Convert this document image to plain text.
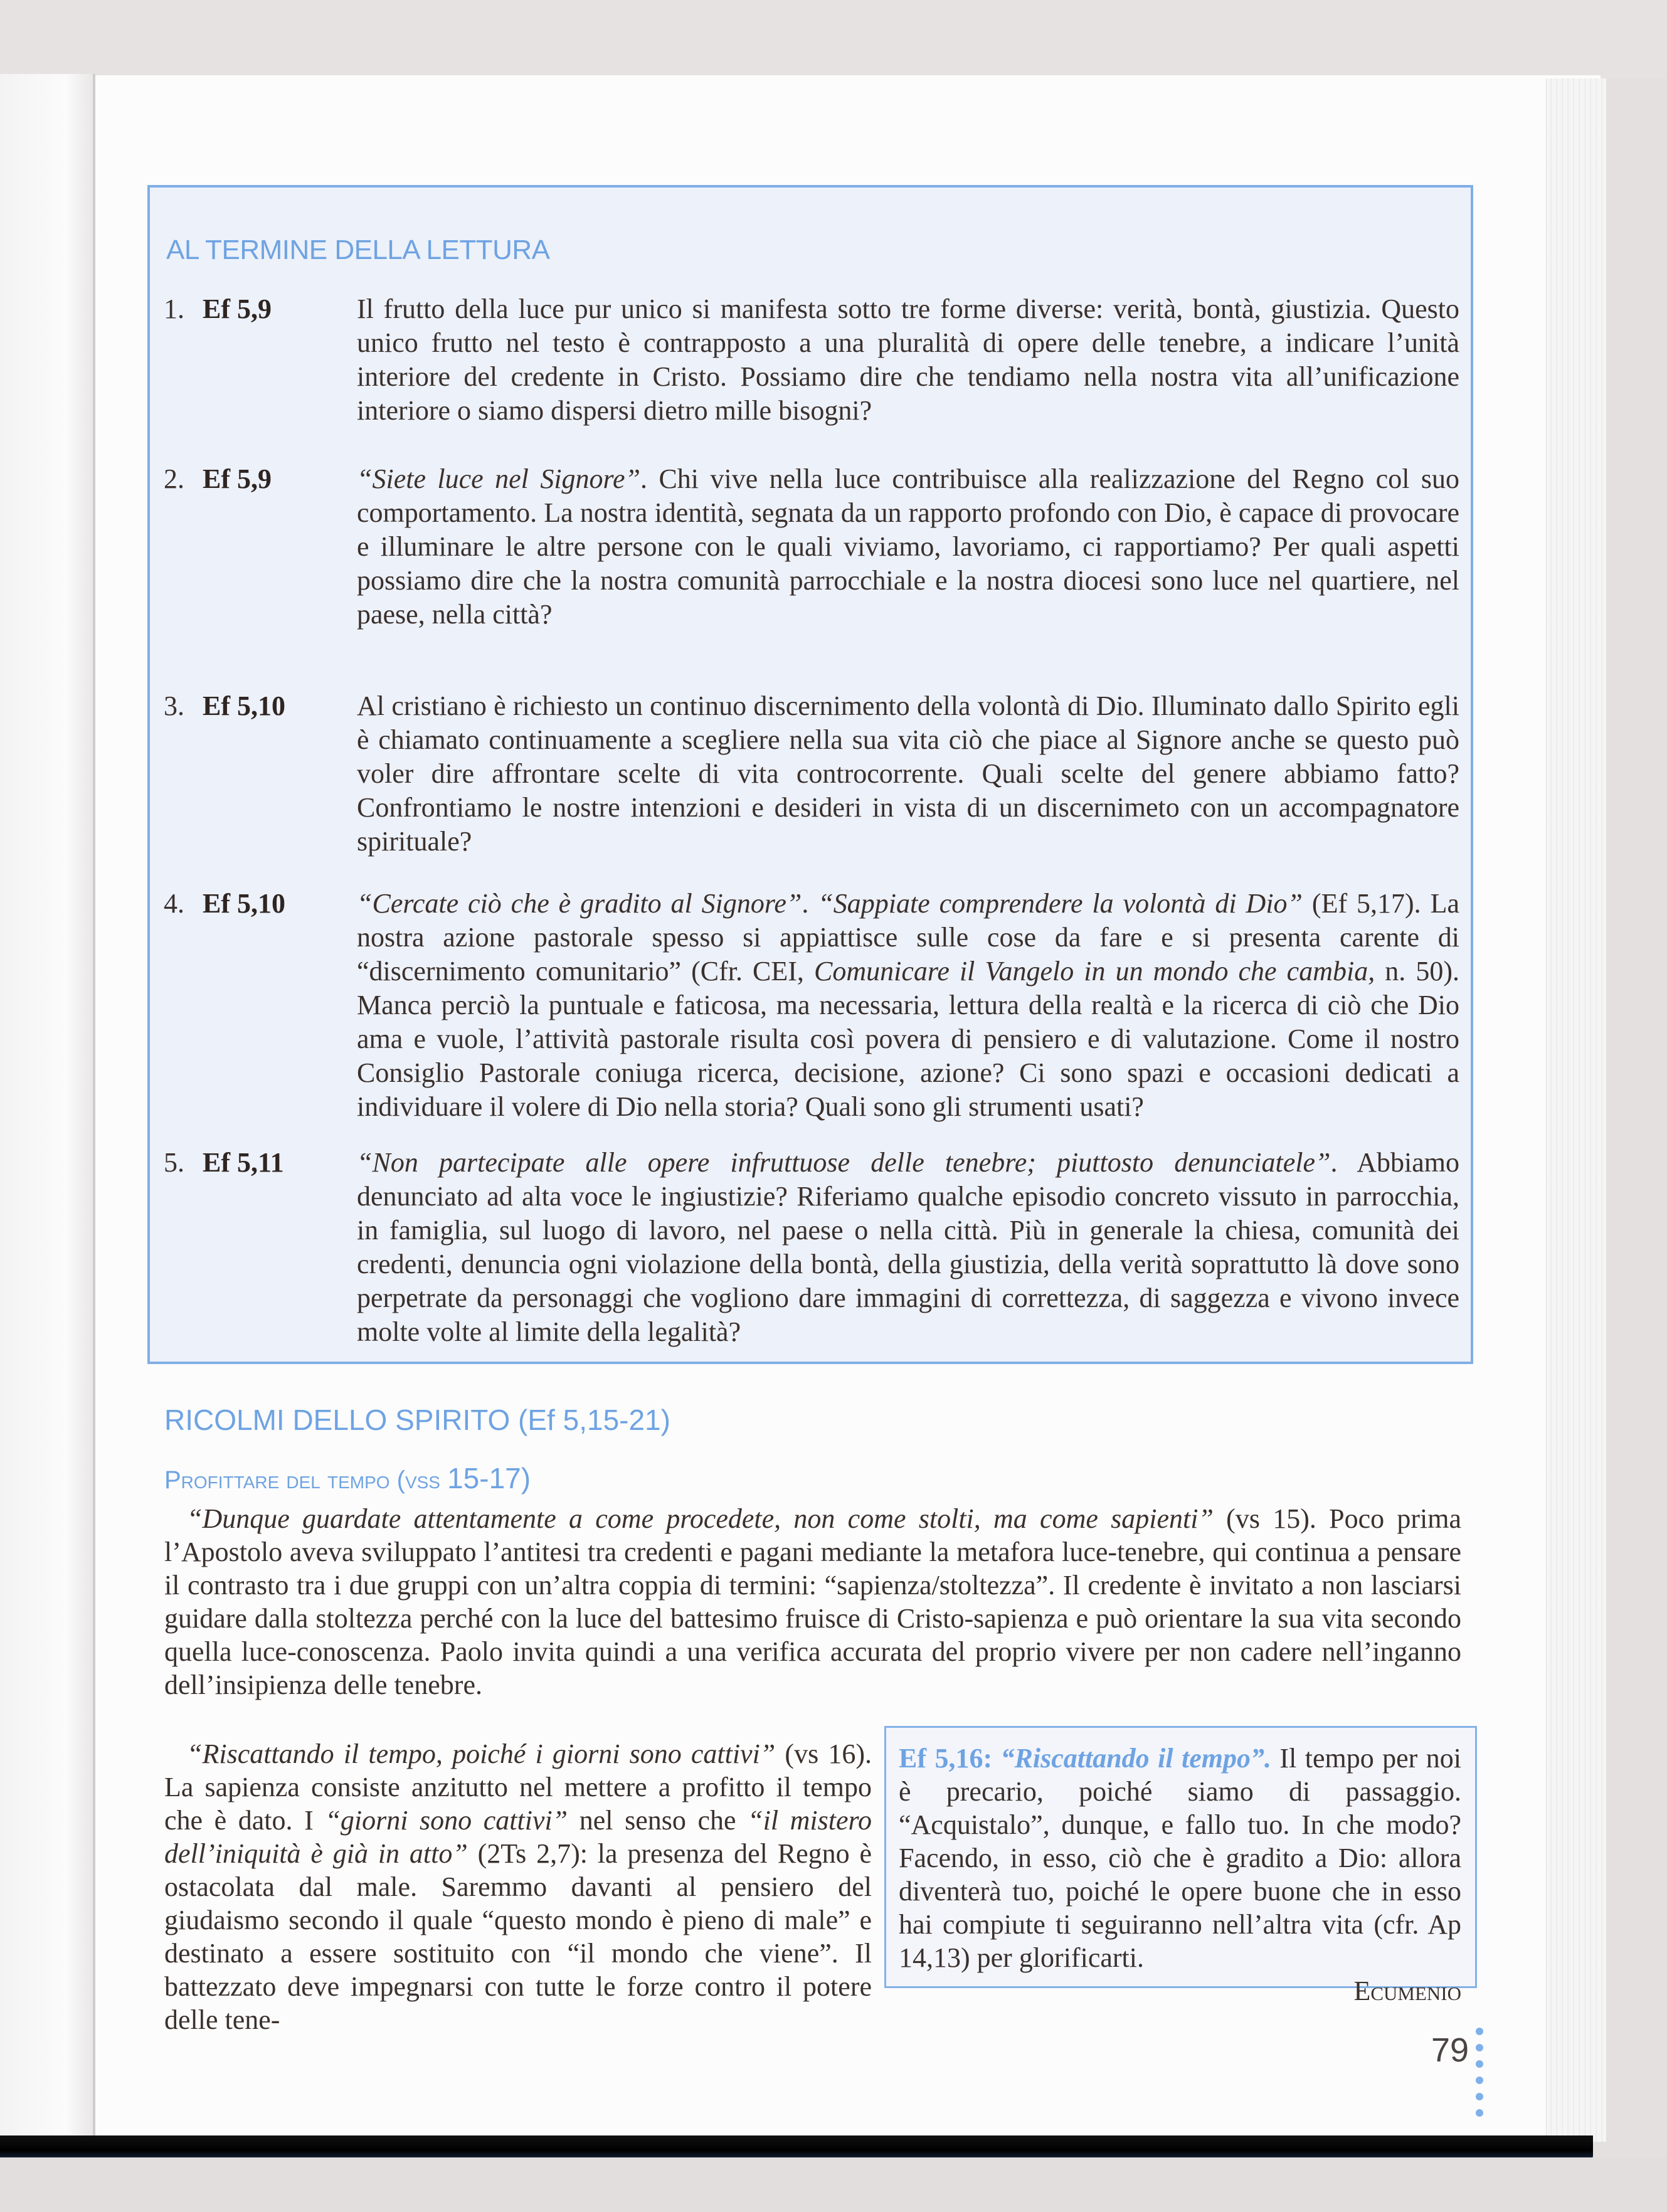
AL TERMINE DELLA LETTURA
1. Ef 5,9	Il frutto della luce pur unico si manifesta sotto tre forme diverse: verità, bontà, giustizia. Questo unico frutto nel testo è contrapposto a una pluralità di opere delle tenebre, a indicare l’unità interiore del credente in Cristo. Possiamo dire che tendiamo nella nostra vita all’unificazione interiore o siamo dispersi dietro mille bisogni?
2. Ef 5,9	“Siete luce nel Signore”. Chi vive nella luce contribuisce alla realizzazione del Regno col suo comportamento. La nostra identità, segnata da un rapporto profondo con Dio, è capace di provocare e illuminare le altre persone con le quali viviamo, lavoriamo, ci rapportiamo? Per quali aspetti possiamo dire che la nostra comunità parrocchiale e la nostra diocesi sono luce nel quartiere, nel paese, nella città?
3. Ef 5,10	Al cristiano è richiesto un continuo discernimento della volontà di Dio. Illuminato dallo Spirito egli è chiamato continuamente a scegliere nella sua vita ciò che piace al Signore anche se questo può voler dire affrontare scelte di vita controcorrente. Quali scelte del genere abbiamo fatto? Confrontiamo le nostre intenzioni e desideri in vista di un discernimeto con un accompagnatore spirituale?
4. Ef 5,10	“Cercate ciò che è gradito al Signore”. “Sappiate comprendere la volontà di Dio” (Ef 5,17). La nostra azione pastorale spesso si appiattisce sulle cose da fare e si presenta carente di “discernimento comunitario” (Cfr. CEI, Comunicare il Vangelo in un mondo che cambia, n. 50). Manca perciò la puntuale e faticosa, ma necessaria, lettura della realtà e la ricerca di ciò che Dio ama e vuole, l’attività pastorale risulta così povera di pensiero e di valutazione. Come il nostro Consiglio Pastorale coniuga ricerca, decisione, azione? Ci sono spazi e occasioni dedicati a individuare il volere di Dio nella storia? Quali sono gli strumenti usati?
5. Ef 5,11	“Non partecipate alle opere infruttuose delle tenebre; piuttosto denunciatele”. Abbiamo denunciato ad alta voce le ingiustizie? Riferiamo qualche episodio concreto vissuto in parrocchia, in famiglia, sul luogo di lavoro, nel paese o nella città. Più in generale la chiesa, comunità dei credenti, denuncia ogni violazione della bontà, della giustizia, della verità soprattutto là dove sono perpetrate da personaggi che vogliono dare immagini di correttezza, di saggezza e vivono invece molte volte al limite della legalità?
RICOLMI DELLO SPIRITO (Ef 5,15-21)
Profittare del tempo (vss 15-17)
“Dunque guardate attentamente a come procedete, non come stolti, ma come sapienti” (vs 15). Poco prima l’Apostolo aveva sviluppato l’antitesi tra credenti e pagani mediante la metafora luce-tenebre, qui continua a pensare il contrasto tra i due gruppi con un’altra coppia di termini: “sapienza/stoltezza”. Il credente è invitato a non lasciarsi guidare dalla stoltezza perché con la luce del battesimo fruisce di Cristo-sapienza e può orientare la sua vita secondo quella luce-conoscenza. Paolo invita quindi a una verifica accurata del proprio vivere per non cadere nell’inganno dell’insipienza delle tenebre.
“Riscattando il tempo, poiché i giorni sono cattivi” (vs 16). La sapienza consiste anzitutto nel mettere a profitto il tempo che è dato. I “giorni sono cattivi” nel senso che “il mistero dell’iniquità è già in atto” (2Ts 2,7): la presenza del Regno è ostacolata dal male. Saremmo davanti al pensiero del giudaismo secondo il quale “questo mondo è pieno di male” e destinato a essere sostituito con “il mondo che viene”. Il battezzato deve impegnarsi con tutte le forze contro il potere delle tene-
Ef 5,16: “Riscattando il tempo”. Il tempo per noi è precario, poiché siamo di passaggio. “Acquistalo”, dunque, e fallo tuo. In che modo? Facendo, in esso, ciò che è gradito a Dio: allora diventerà tuo, poiché le opere buone che in esso hai compiute ti seguiranno nell’altra vita (cfr. Ap 14,13) per glorificarti.
Ecumenio
79
